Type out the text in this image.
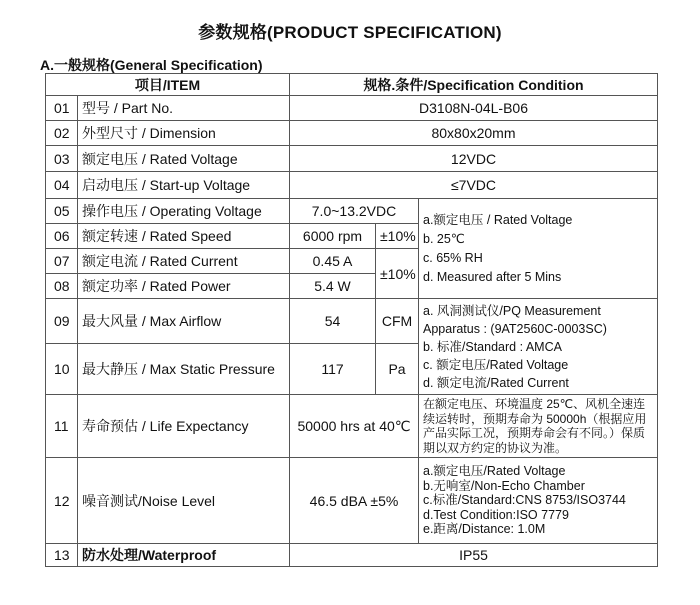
参数规格(PRODUCT SPECIFICATION)
A.一般规格(General Specification)
项目/ITEM		规格.条件/Specification Condition		
01	型号 / Part No.	D3108N-04L-B06		
02	外型尺寸 / Dimension	80x80x20mm		
03	额定电压 / Rated Voltage	12VDC		
04	启动电压 / Start-up Voltage	≤7VDC		
05	操作电压 / Operating Voltage	7.0~13.2VDC		a.额定电压 / Rated Voltage
b. 25℃
c. 65% RH
d. Measured after 5 Mins

06	额定转速 / Rated Speed	6000 rpm	±10%	
07	额定电流 / Rated Current	0.45 A	±10%	
08	额定功率 / Rated Power	5.4 W		
09	最大风量 / Max Airflow	54	CFM	a. 风洞测试仪/PQ Measurement
Apparatus : (9AT2560C-0003SC)
b. 标准/Standard : AMCA
c. 额定电压/Rated Voltage
d. 额定电流/Rated Current

10	最大静压 / Max Static Pressure	117	Pa	
11	寿命预估 / Life Expectancy	50000 hrs at 40℃		在额定电压、环境温度 25℃、风机全速连续运转时，预期寿命为 50000h（根据应用产品实际工况，预期寿命会有不同。）保质期以双方约定的协议为准。
12	噪音测试/Noise Level	46.5 dBA ±5%		a.额定电压/Rated Voltage
b.无响室/Non-Echo Chamber
c.标准/Standard:CNS 8753/ISO3744
d.Test Condition:ISO 7779
e.距离/Distance: 1.0M

13	防水处理/Waterproof	IP55		
